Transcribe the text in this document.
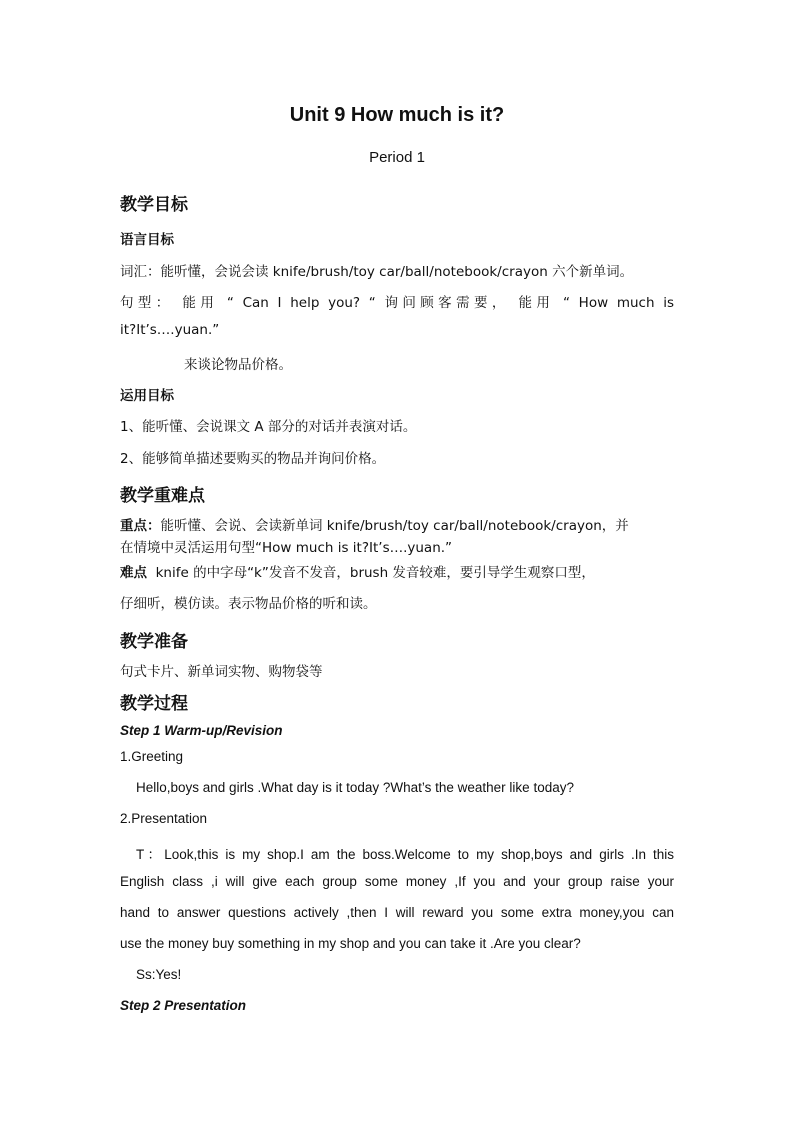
Unit 9 How much is it?
Period 1
教学目标
语言目标
词汇：能听懂，会说会读 knife/brush/toy car/ball/notebook/crayon 六个新单词。
句型： 能用 “ Can I help you? “ 询问顾客需要， 能用 “ How much is
it?It’s….yuan.”
来谈论物品价格。
运用目标
1、能听懂、会说课文 A 部分的对话并表演对话。
2、能够简单描述要购买的物品并询问价格。
教学重难点
重点：能听懂、会说、会读新单词 knife/brush/toy car/ball/notebook/crayon，并
在情境中灵活运用句型“How much is it?It’s….yuan.”
难点 knife 的中字母“k”发音不发音，brush 发音较难，要引导学生观察口型，
仔细听，模仿读。表示物品价格的听和读。
教学准备
句式卡片、新单词实物、购物袋等
教学过程
Step 1 Warm-up/Revision
1.Greeting
Hello,boys and girls .What day is it today ?What’s the weather like today?
2.Presentation
T：Look,this is my shop.I am the boss.Welcome to my shop,boys and girls .In this
English class ,i will give each group some money ,If you and your group raise your
hand to answer questions actively ,then I will reward you some extra money,you can
use the money buy something in my shop and you can take it .Are you clear?
Ss:Yes!
Step 2 Presentation
